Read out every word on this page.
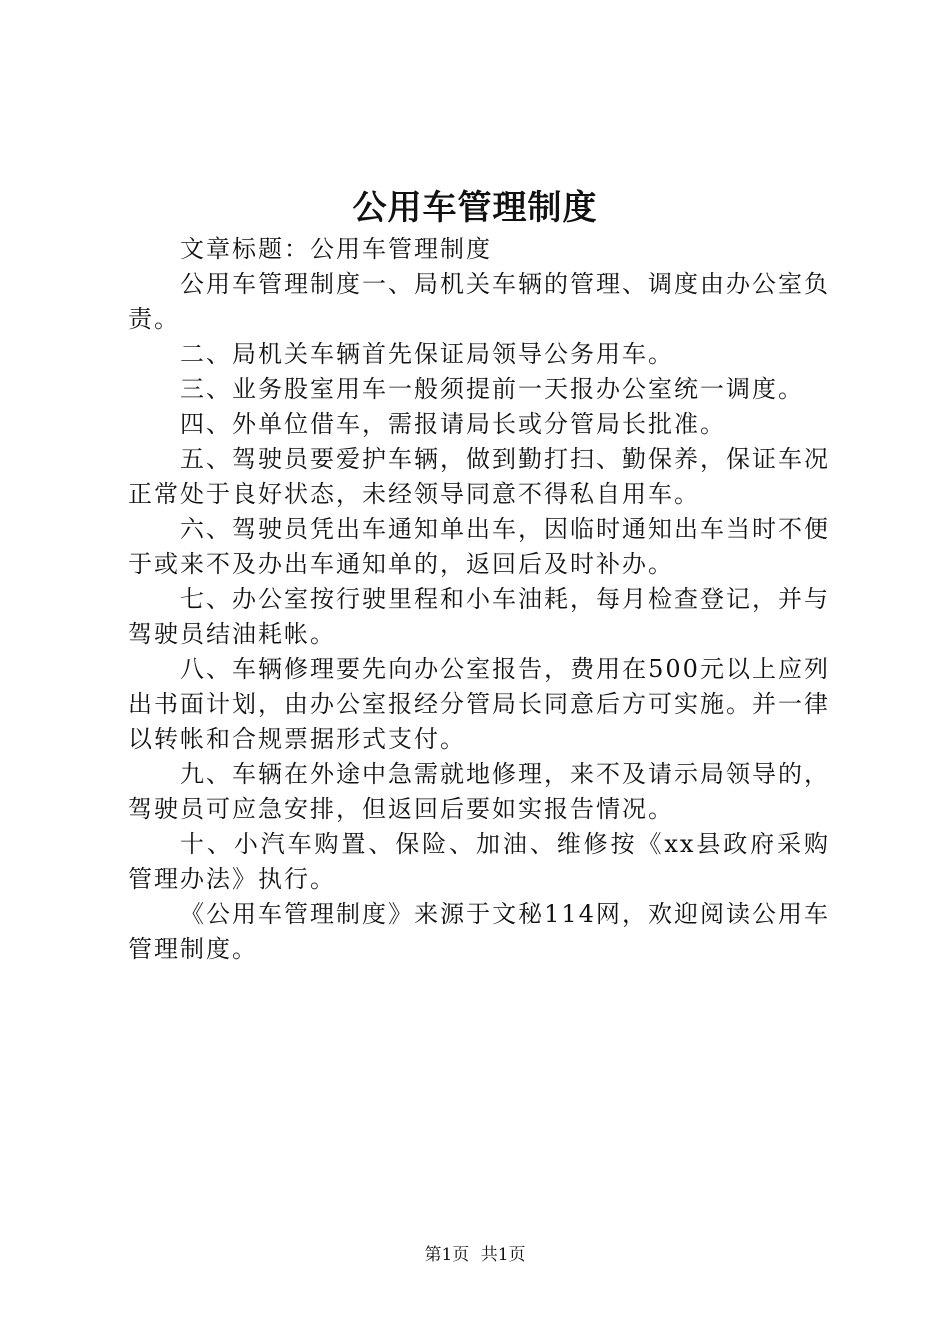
公用车管理制度

文章标题：公用车管理制度

公用车管理制度一、局机关车辆的管理、调度由办公室负责。

二、局机关车辆首先保证局领导公务用车。

三、业务股室用车一般须提前一天报办公室统一调度。

四、外单位借车，需报请局长或分管局长批准。

五、驾驶员要爱护车辆，做到勤打扫、勤保养，保证车况正常处于良好状态，未经领导同意不得私自用车。

六、驾驶员凭出车通知单出车，因临时通知出车当时不便于或来不及办出车通知单的，返回后及时补办。

七、办公室按行驶里程和小车油耗，每月检查登记，并与驾驶员结油耗帐。

八、车辆修理要先向办公室报告，费用在500元以上应列出书面计划，由办公室报经分管局长同意后方可实施。并一律以转帐和合规票据形式支付。

九、车辆在外途中急需就地修理，来不及请示局领导的，驾驶员可应急安排，但返回后要如实报告情况。

十、小汽车购置、保险、加油、维修按《xx县政府采购管理办法》执行。

《公用车管理制度》来源于文秘114网，欢迎阅读公用车管理制度。

第1页 共1页
